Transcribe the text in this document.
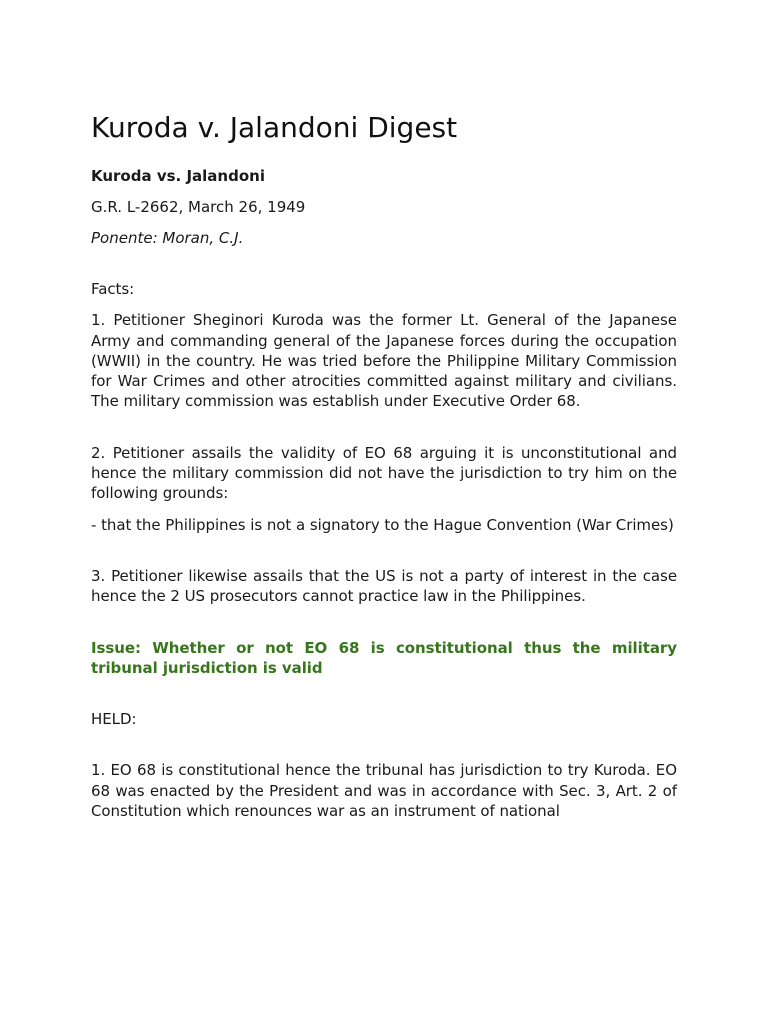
Kuroda v. Jalandoni Digest

Kuroda vs. Jalandoni

G.R. L-2662, March 26, 1949

Ponente: Moran, C.J.

Facts:

1. Petitioner Sheginori Kuroda was the former Lt. General of the Japanese Army and commanding general of the Japanese forces during the occupation (WWII) in the country. He was tried before the Philippine Military Commission for War Crimes and other atrocities committed against military and civilians. The military commission was establish under Executive Order 68.

2. Petitioner assails the validity of EO 68 arguing it is unconstitutional and hence the military commission did not have the jurisdiction to try him on the following grounds:

- that the Philippines is not a signatory to the Hague Convention (War Crimes)

3. Petitioner likewise assails that the US is not a party of interest in the case hence the 2 US prosecutors cannot practice law in the Philippines.

Issue: Whether or not EO 68 is constitutional thus the military tribunal jurisdiction is valid

HELD:

1. EO 68 is constitutional hence the tribunal has jurisdiction to try Kuroda. EO 68 was enacted by the President and was in accordance with Sec. 3, Art. 2 of Constitution which renounces war as an instrument of national
